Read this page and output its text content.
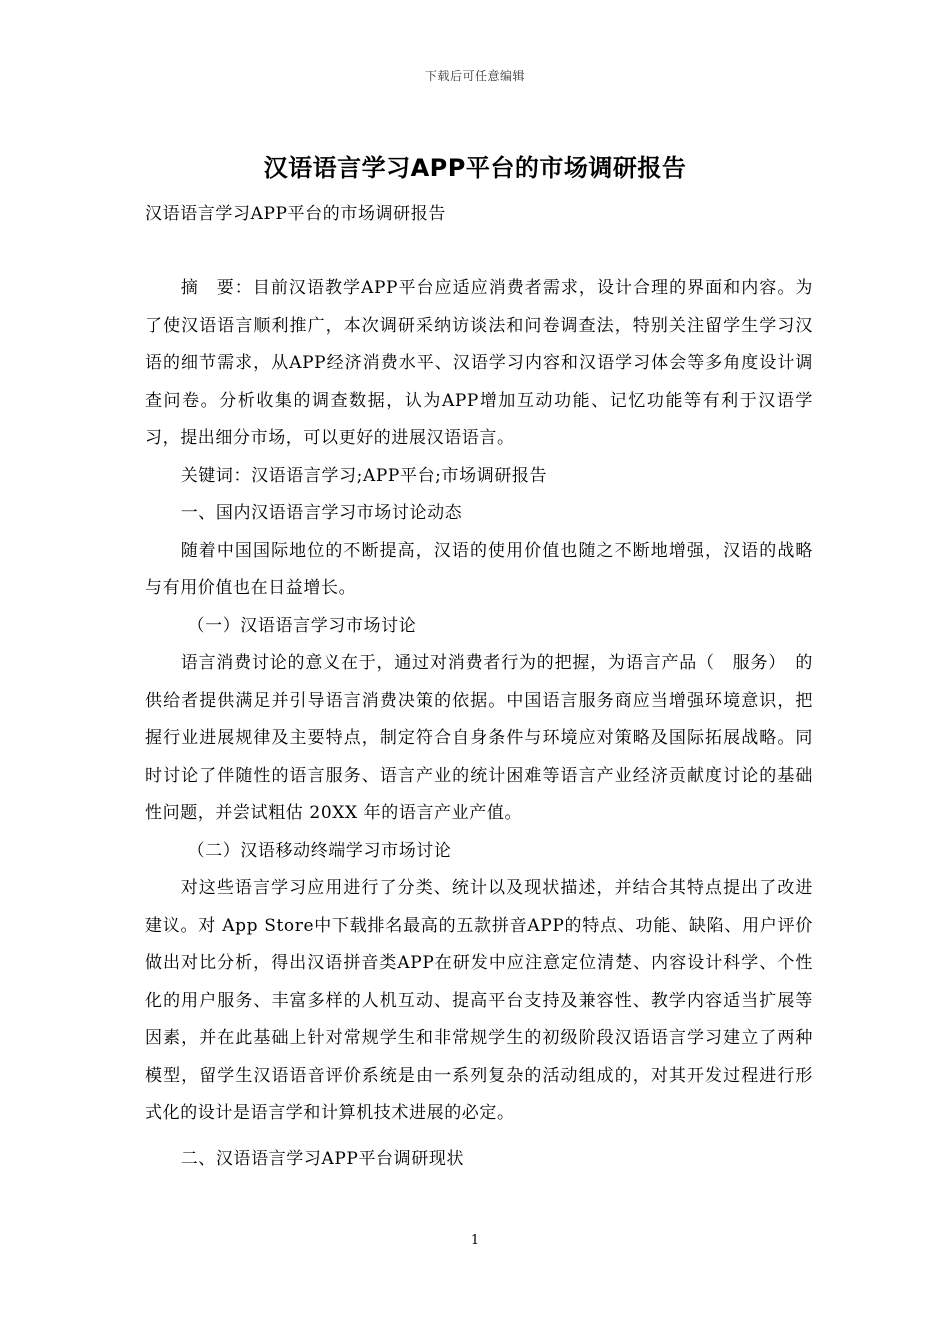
下载后可任意编辑
汉语语言学习APP平台的市场调研报告
汉语语言学习APP平台的市场调研报告

摘　要：目前汉语教学APP平台应适应消费者需求，设计合理的界面和内容。为了使汉语语言顺利推广，本次调研采纳访谈法和问卷调查法，特别关注留学生学习汉语的细节需求，从APP经济消费水平、汉语学习内容和汉语学习体会等多角度设计调查问卷。分析收集的调查数据，认为APP增加互动功能、记忆功能等有利于汉语学习，提出细分市场，可以更好的进展汉语语言。

关键词：汉语语言学习;APP平台;市场调研报告

一、国内汉语语言学习市场讨论动态

随着中国国际地位的不断提高，汉语的使用价值也随之不断地增强，汉语的战略与有用价值也在日益增长。

（一）汉语语言学习市场讨论

语言消费讨论的意义在于，通过对消费者行为的把握，为语言产品（　服务）　的供给者提供满足并引导语言消费决策的依据。中国语言服务商应当增强环境意识，把握行业进展规律及主要特点，制定符合自身条件与环境应对策略及国际拓展战略。同时讨论了伴随性的语言服务、语言产业的统计困难等语言产业经济贡献度讨论的基础性问题，并尝试粗估 20XX 年的语言产业产值。

（二）汉语移动终端学习市场讨论

对这些语言学习应用进行了分类、统计以及现状描述，并结合其特点提出了改进建议。对 App Store中下载排名最高的五款拼音APP的特点、功能、缺陷、用户评价做出对比分析，得出汉语拼音类APP在研发中应注意定位清楚、内容设计科学、个性化的用户服务、丰富多样的人机互动、提高平台支持及兼容性、教学内容适当扩展等因素，并在此基础上针对常规学生和非常规学生的初级阶段汉语语言学习建立了两种模型，留学生汉语语音评价系统是由一系列复杂的活动组成的，对其开发过程进行形式化的设计是语言学和计算机技术进展的必定。

二、汉语语言学习APP平台调研现状

1
